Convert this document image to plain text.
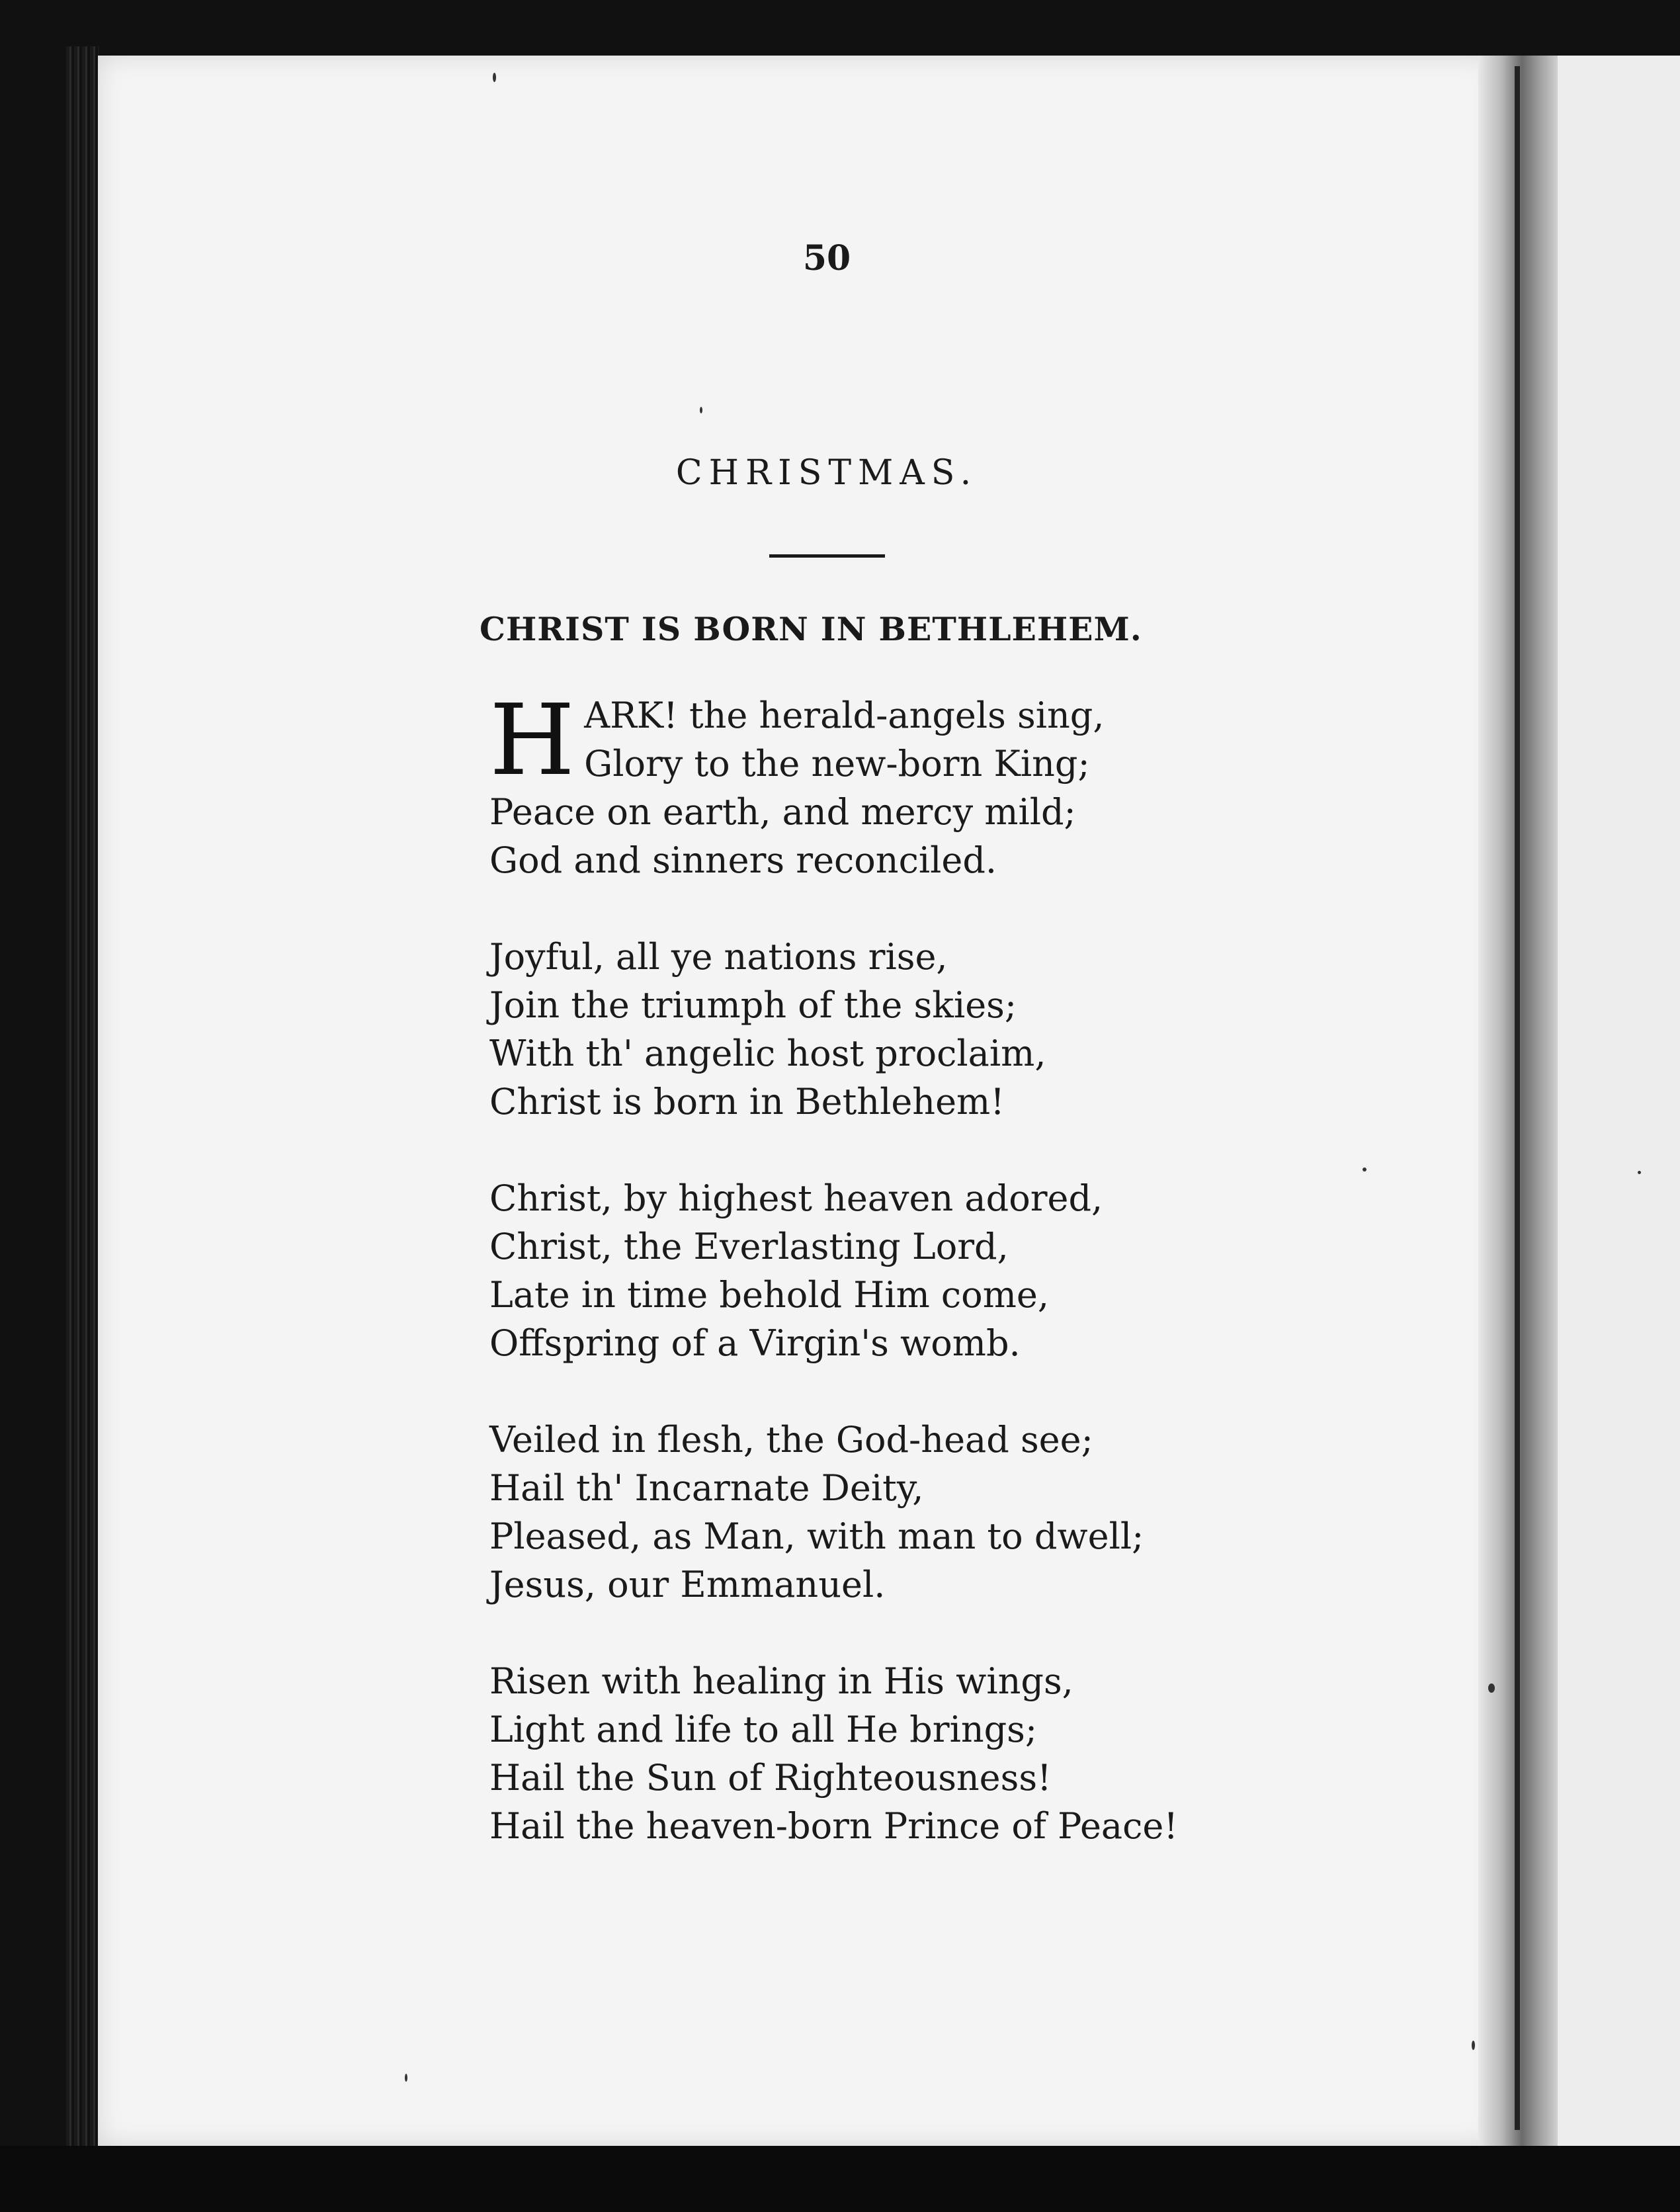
50
CHRISTMAS.
CHRIST IS BORN IN BETHLEHEM.
H ARK! the herald-angels sing,
Glory to the new-born King;
Peace on earth, and mercy mild;
God and sinners reconciled.
Joyful, all ye nations rise,
Join the triumph of the skies;
With th' angelic host proclaim,
Christ is born in Bethlehem!
Christ, by highest heaven adored,
Christ, the Everlasting Lord,
Late in time behold Him come,
Offspring of a Virgin's womb.
Veiled in flesh, the God-head see;
Hail th' Incarnate Deity,
Pleased, as Man, with man to dwell;
Jesus, our Emmanuel.
Risen with healing in His wings,
Light and life to all He brings;
Hail the Sun of Righteousness!
Hail the heaven-born Prince of Peace!
